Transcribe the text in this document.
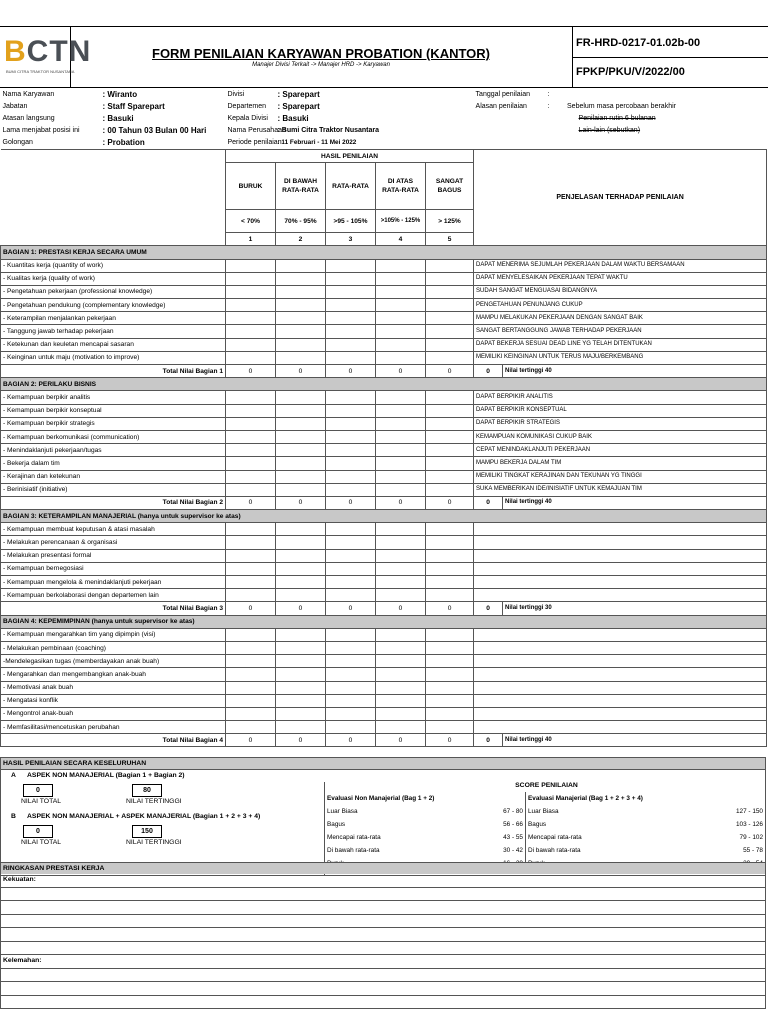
BCTN
BUMI CITRA TRAKTOR NUSANTARA
FORM PENILAIAN KARYAWAN PROBATION (KANTOR)
Manajer Divisi Terkait -> Manajer HRD -> Karyawan
FR-HRD-0217-01.02b-00
FPKP/PKU/V/2022/00
Nama Karyawan	: Wiranto	Divisi	: Sparepart				Tanggal penilaian		:
Jabatan	: Staff Sparepart	Departemen	: Sparepart				Alasan penilaian		: Sebelum masa percobaan berakhir
Atasan langsung	: Basuki	Kepala Divisi	: Basuki						Penilaian rutin 6 bulanan
Lama menjabat posisi ini	: 00 Tahun 03 Bulan 00 Hari	Nama Perusahaan	: Bumi Citra Traktor Nusantara						Lain-lain (sebutkan)
Golongan	: Probation	Periode penilaian	: 11 Februari - 11 Mei 2022						
		HASIL PENILAIAN					PENJELASAN TERHADAP PENILAIAN		
		BURUK	DI BAWAH RATA-RATA	RATA-RATA	DI ATAS RATA-RATA	SANGAT BAGUS			
		< 70%	70% - 95%	>95 - 105%	>105% - 125%	> 125%			
		1	2	3	4	5			
BAGIAN 1: PRESTASI KERJA SECARA UMUM									
- Kuantitas kerja (quantity of work)							DAPAT MENERIMA SEJUMLAH PEKERJAAN DALAM WAKTU BERSAMAAN		
- Kualitas kerja (quality of work)							DAPAT MENYELESAIKAN PEKERJAAN TEPAT WAKTU		
- Pengetahuan pekerjaan (professional knowledge)							SUDAH SANGAT MENGUASAI BIDANGNYA		
- Pengetahuan pendukung (complementary knowledge)							PENGETAHUAN PENUNJANG CUKUP		
- Keterampilan menjalankan pekerjaan							MAMPU MELAKUKAN PEKERJAAN DENGAN SANGAT BAIK		
- Tanggung jawab terhadap pekerjaan							SANGAT BERTANGGUNG JAWAB TERHADAP PEKERJAAN		
- Ketekunan dan keuletan mencapai sasaran							DAPAT BEKERJA SESUAI DEAD LINE YG TELAH DITENTUKAN		
- Keinginan untuk maju (motivation to improve)							MEMILIKI KEINGINAN UNTUK TERUS MAJU/BERKEMBANG		
Total Nilai Bagian 1		0	0	0	0	0	0	Nilai tertinggi 40	
BAGIAN 2: PERILAKU BISNIS									
- Kemampuan berpikir analitis							DAPAT BERPIKIR ANALITIS		
- Kemampuan berpikir konseptual							DAPAT BERPIKIR KONSEPTUAL		
- Kemampuan berpikir strategis							DAPAT BERPIKIR STRATEGIS		
- Kemampuan berkomunikasi (communication)							KEMAMPUAN KOMUNIKASI CUKUP BAIK		
- Menindaklanjuti pekerjaan/tugas							CEPAT MENINDAKLANJUTI PEKERJAAN		
- Bekerja dalam tim							MAMPU BEKERJA DALAM TIM		
- Kerajinan dan ketekunan							MEMILIKI TINGKAT KERAJINAN DAN TEKUNAN YG TINGGI		
- Berinisiatif (initiative)							SUKA MEMBERIKAN IDE/INISIATIF UNTUK KEMAJUAN TIM		
Total Nilai Bagian 2		0	0	0	0	0	0	Nilai tertinggi 40	
BAGIAN 3: KETERAMPILAN MANAJERIAL (hanya untuk supervisor ke atas)									
- Kemampuan membuat keputusan & atasi masalah									
- Melakukan perencanaan & organisasi									
- Melakukan presentasi formal									
- Kemampuan bernegosiasi									
- Kemampuan mengelola & menindaklanjuti pekerjaan									
- Kemampuan berkolaborasi dengan departemen lain									
Total Nilai Bagian 3		0	0	0	0	0	0	Nilai tertinggi 30	
BAGIAN 4: KEPEMIMPINAN (hanya untuk supervisor ke atas)									
- Kemampuan mengarahkan tim yang dipimpin (visi)									
- Melakukan pembinaan (coaching)									
-Mendelegasikan tugas (memberdayakan anak buah)									
- Mengarahkan dan mengembangkan anak-buah									
- Memotivasi anak buah									
- Mengatasi konflik									
- Mengontrol anak-buah									
- Memfasilitasi/mencetuskan perubahan									
Total Nilai Bagian 4		0	0	0	0	0	0	Nilai tertinggi 40	
HASIL PENILAIAN SECARA KESELURUHAN
A ASPEK NON MANAJERIAL (Bagian 1 + Bagian 2)
0	80
NILAI TOTAL	NILAI TERTINGGI
B ASPEK NON MANAJERIAL + ASPEK MANAJERIAL (Bagian 1 + 2 + 3 + 4)
0	150
NILAI TOTAL	NILAI TERTINGGI
SCORE PENILAIAN
Evaluasi Non Manajerial (Bag 1 + 2)	
Luar Biasa	67 - 80
Bagus	56 - 66
Mencapai rata-rata	43 - 55
Di bawah rata-rata	30 - 42

Evaluasi Manajerial (Bag 1 + 2 + 3 + 4)	
Luar Biasa	127 - 150
Bagus	103 - 126
Mencapai rata-rata	79 - 102
Di bawah rata-rata	55 - 78

RINGKASAN PRESTASI KERJA
Kekuatan:
Kelemahan:
